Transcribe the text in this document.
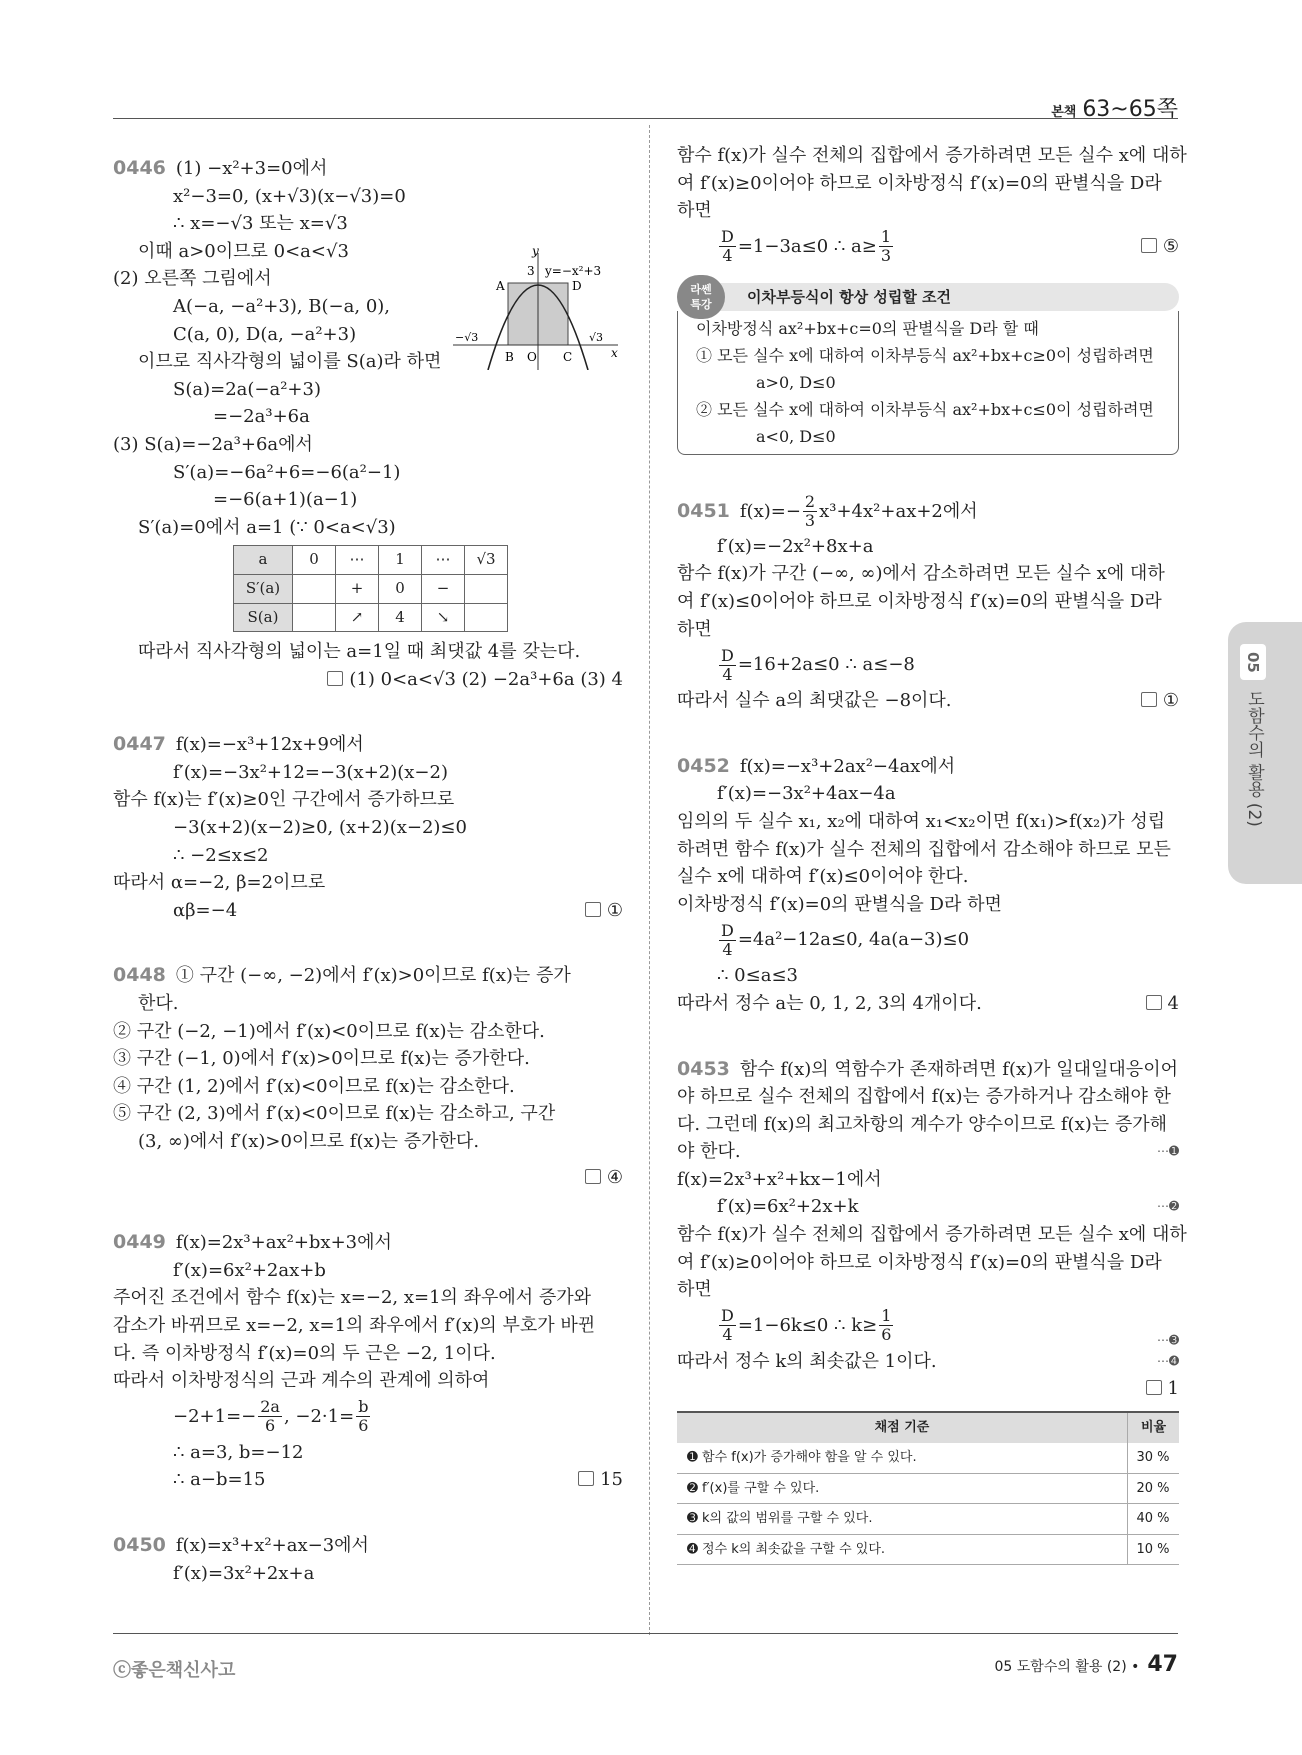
본책 63~65쪽
0446 (1) −x²+3=0에서
x²−3=0, (x+√3)(x−√3)=0
∴ x=−√3 또는 x=√3
이때 a>0이므로 0<a<√3
(2) 오른쪽 그림에서
A(−a, −a²+3), B(−a, 0),
C(a, 0), D(a, −a²+3)
이므로 직사각형의 넓이를 S(a)라 하면
S(a)=2a(−a²+3)
=−2a³+6a
(3) S(a)=−2a³+6a에서
S′(a)=−6a²+6=−6(a²−1)
=−6(a+1)(a−1)
S′(a)=0에서 a=1 (∵ 0<a<√3)
a	0	⋯	1	⋯	√3
S′(a)		+	0	−	
S(a)		↗	4	↘	
따라서 직사각형의 넓이는 a=1일 때 최댓값 4를 갖는다.
(1) 0<a<√3 (2) −2a³+6a (3) 4
y
x
3 y=−x²+3
A	D
B O C
−√3	√3
0447 f(x)=−x³+12x+9에서
f′(x)=−3x²+12=−3(x+2)(x−2)
함수 f(x)는 f′(x)≥0인 구간에서 증가하므로
−3(x+2)(x−2)≥0, (x+2)(x−2)≤0
∴ −2≤x≤2
따라서 α=−2, β=2이므로
αβ=−4	①
0448 ① 구간 (−∞, −2)에서 f′(x)>0이므로 f(x)는 증가
한다.
② 구간 (−2, −1)에서 f′(x)<0이므로 f(x)는 감소한다.
③ 구간 (−1, 0)에서 f′(x)>0이므로 f(x)는 증가한다.
④ 구간 (1, 2)에서 f′(x)<0이므로 f(x)는 감소한다.
⑤ 구간 (2, 3)에서 f′(x)<0이므로 f(x)는 감소하고, 구간
(3, ∞)에서 f′(x)>0이므로 f(x)는 증가한다.
④
0449 f(x)=2x³+ax²+bx+3에서
f′(x)=6x²+2ax+b
주어진 조건에서 함수 f(x)는 x=−2, x=1의 좌우에서 증가와
감소가 바뀌므로 x=−2, x=1의 좌우에서 f′(x)의 부호가 바뀐
다. 즉 이차방정식 f′(x)=0의 두 근은 −2, 1이다.
따라서 이차방정식의 근과 계수의 관계에 의하여
$-2+1=- \frac{2a}{6}$ , $-2\cdot 1= \frac{b}{6}$
∴ a=3, b=−12
∴ a−b=15	15
0450 f(x)=x³+x²+ax−3에서
f′(x)=3x²+2x+a
함수 f(x)가 실수 전체의 집합에서 증가하려면 모든 실수 x에 대하
여 f′(x)≥0이어야 하므로 이차방정식 f′(x)=0의 판별식을 D라
하면
$\frac{D}{4} =1-3a\le 0$ ∴ $a\ge \frac{1}{3}$	⑤
라쎈
특강	이차부등식이 항상 성립할 조건
이차방정식 ax²+bx+c=0의 판별식을 D라 할 때
① 모든 실수 x에 대하여 이차부등식 ax²+bx+c≥0이 성립하려면
a>0, D≤0
② 모든 실수 x에 대하여 이차부등식 ax²+bx+c≤0이 성립하려면
a<0, D≤0
0451 $f(x)=- \frac{2}{3} x^3+4x^2+ax+2$에서
f′(x)=−2x²+8x+a
함수 f(x)가 구간 (−∞, ∞)에서 감소하려면 모든 실수 x에 대하
여 f′(x)≤0이어야 하므로 이차방정식 f′(x)=0의 판별식을 D라
하면
$\frac{D}{4} =16+2a\le 0$ ∴ a≤−8
따라서 실수 a의 최댓값은 −8이다.	①
0452 f(x)=−x³+2ax²−4ax에서
f′(x)=−3x²+4ax−4a
임의의 두 실수 x₁, x₂에 대하여 x₁<x₂이면 f(x₁)>f(x₂)가 성립
하려면 함수 f(x)가 실수 전체의 집합에서 감소해야 하므로 모든
실수 x에 대하여 f′(x)≤0이어야 한다.
이차방정식 f′(x)=0의 판별식을 D라 하면
$\frac{D}{4} =4a^2-12a\le 0$, 4a(a−3)≤0
∴ 0≤a≤3
따라서 정수 a는 0, 1, 2, 3의 4개이다.	4
0453 함수 f(x)의 역함수가 존재하려면 f(x)가 일대일대응이어
야 하므로 실수 전체의 집합에서 f(x)는 증가하거나 감소해야 한
다. 그런데 f(x)의 최고차항의 계수가 양수이므로 f(x)는 증가해
야 한다.	⋯➊
f(x)=2x³+x²+kx−1에서
f′(x)=6x²+2x+k	⋯➋
함수 f(x)가 실수 전체의 집합에서 증가하려면 모든 실수 x에 대하
여 f′(x)≥0이어야 하므로 이차방정식 f′(x)=0의 판별식을 D라
하면
$\frac{D}{4} =1-6k\le 0$ ∴ $k\ge \frac{1}{6}$	⋯➌
따라서 정수 k의 최솟값은 1이다.	⋯➍
1
채점 기준	비율
➊ 함수 f(x)가 증가해야 함을 알 수 있다.	30 %
➋ f′(x)를 구할 수 있다.	20 %
➌ k의 값의 범위를 구할 수 있다.	40 %
➍ 정수 k의 최솟값을 구할 수 있다.	10 %
05
도함수의 활용 (2)
ⓒ좋은책신사고	05 도함수의 활용 (2) • 47
